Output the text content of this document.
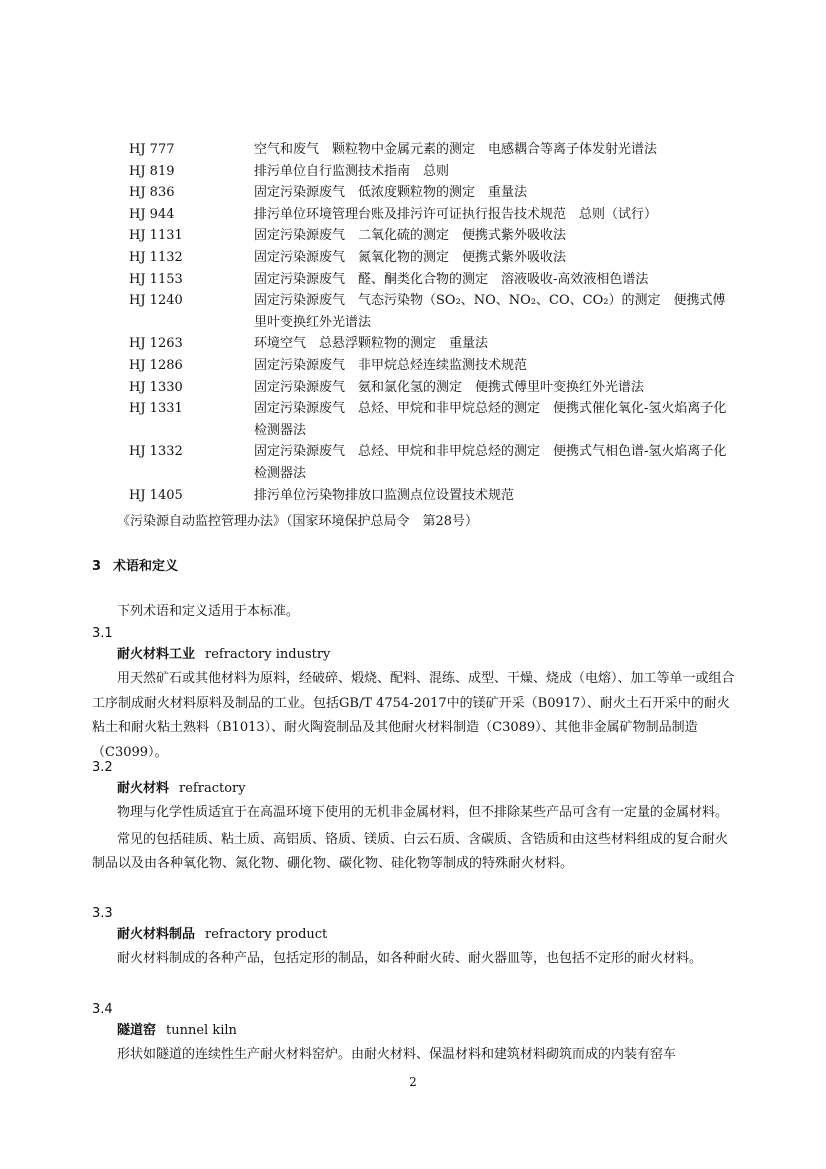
HJ 777	空气和废气　颗粒物中金属元素的测定　电感耦合等离子体发射光谱法
HJ 819	排污单位自行监测技术指南　总则
HJ 836	固定污染源废气　低浓度颗粒物的测定　重量法
HJ 944	排污单位环境管理台账及排污许可证执行报告技术规范　总则（试行）
HJ 1131	固定污染源废气　二氧化硫的测定　便携式紫外吸收法
HJ 1132	固定污染源废气　氮氧化物的测定　便携式紫外吸收法
HJ 1153	固定污染源废气　醛、酮类化合物的测定　溶液吸收-高效液相色谱法
HJ 1240	固定污染源废气　气态污染物（SO₂、NO、NO₂、CO、CO₂）的测定　便携式傅里叶变换红外光谱法
HJ 1263	环境空气　总悬浮颗粒物的测定　重量法
HJ 1286	固定污染源废气　非甲烷总烃连续监测技术规范
HJ 1330	固定污染源废气　氨和氯化氢的测定　便携式傅里叶变换红外光谱法
HJ 1331	固定污染源废气　总烃、甲烷和非甲烷总烃的测定　便携式催化氧化-氢火焰离子化检测器法
HJ 1332	固定污染源废气　总烃、甲烷和非甲烷总烃的测定　便携式气相色谱-氢火焰离子化检测器法
HJ 1405	排污单位污染物排放口监测点位设置技术规范
《污染源自动监控管理办法》（国家环境保护总局令　第28号）
3 术语和定义
下列术语和定义适用于本标准。
3.1
耐火材料工业 refractory industry
用天然矿石或其他材料为原料，经破碎、煅烧、配料、混练、成型、干燥、烧成（电熔）、加工等单一或组合工序制成耐火材料原料及制品的工业。包括GB/T 4754-2017中的镁矿开采（B0917）、耐火土石开采中的耐火粘土和耐火粘土熟料（B1013）、耐火陶瓷制品及其他耐火材料制造（C3089）、其他非金属矿物制品制造（C3099）。
3.2
耐火材料 refractory
物理与化学性质适宜于在高温环境下使用的无机非金属材料，但不排除某些产品可含有一定量的金属材料。
常见的包括硅质、粘土质、高铝质、铬质、镁质、白云石质、含碳质、含锆质和由这些材料组成的复合耐火制品以及由各种氧化物、氮化物、硼化物、碳化物、硅化物等制成的特殊耐火材料。
3.3
耐火材料制品 refractory product
耐火材料制成的各种产品，包括定形的制品，如各种耐火砖、耐火器皿等，也包括不定形的耐火材料。
3.4
隧道窑 tunnel kiln
形状如隧道的连续性生产耐火材料窑炉。由耐火材料、保温材料和建筑材料砌筑而成的内装有窑车
2
